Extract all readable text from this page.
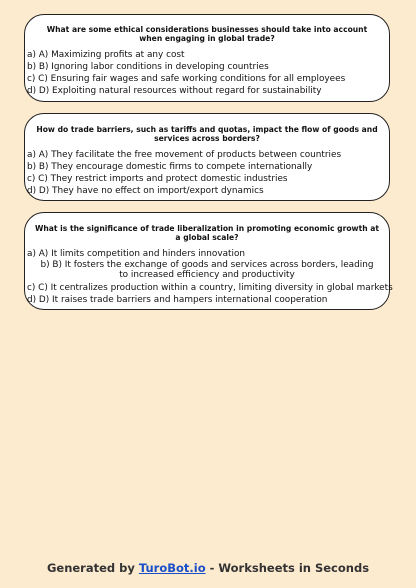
What are some ethical considerations businesses should take into account when engaging in global trade?

a) A) Maximizing profits at any cost
b) B) Ignoring labor conditions in developing countries
c) C) Ensuring fair wages and safe working conditions for all employees
d) D) Exploiting natural resources without regard for sustainability

How do trade barriers, such as tariffs and quotas, impact the flow of goods and services across borders?

a) A) They facilitate the free movement of products between countries
b) B) They encourage domestic firms to compete internationally
c) C) They restrict imports and protect domestic industries
d) D) They have no effect on import/export dynamics

What is the significance of trade liberalization in promoting economic growth at a global scale?

a) A) It limits competition and hinders innovation
b) B) It fosters the exchange of goods and services across borders, leading to increased efficiency and productivity
c) C) It centralizes production within a country, limiting diversity in global markets
d) D) It raises trade barriers and hampers international cooperation
Generated by TuroBot.io - Worksheets in Seconds
